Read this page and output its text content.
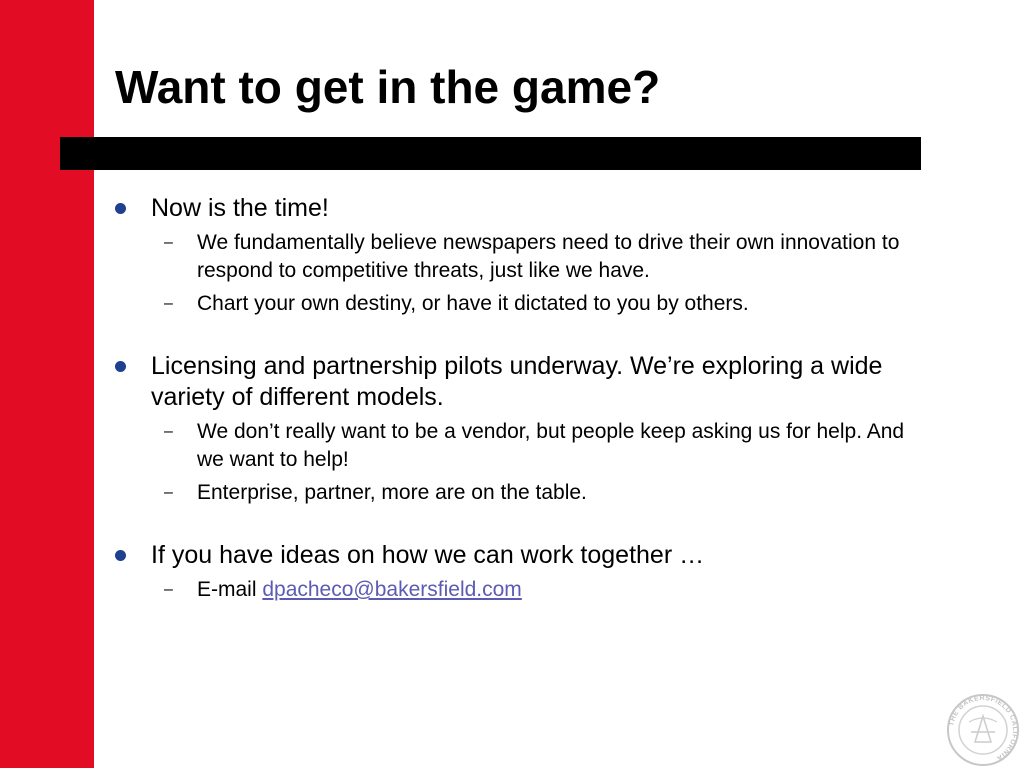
Want to get in the game?
Now is the time!
– We fundamentally believe newspapers need to drive their own innovation to respond to competitive threats, just like we have.
– Chart your own destiny, or have it dictated to you by others.
Licensing and partnership pilots underway. We’re exploring a wide variety of different models.
– We don’t really want to be a vendor, but people keep asking us for help. And we want to help!
– Enterprise, partner, more are on the table.
If you have ideas on how we can work together …
– E-mail dpacheco@bakersfield.com
THE BAKERSFIELD CALIFORNIA
